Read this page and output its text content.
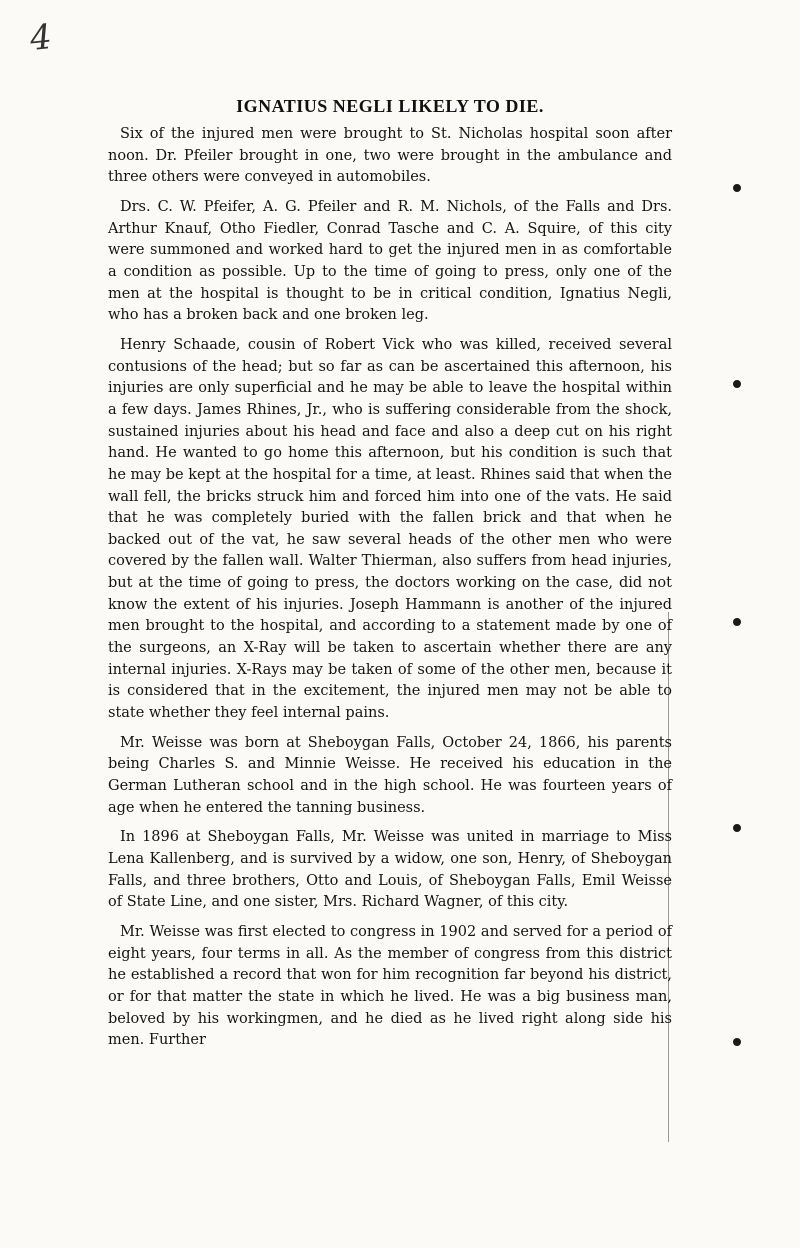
4
IGNATIUS NEGLI LIKELY TO DIE.

Six of the injured men were brought to St. Nicholas hospital soon after noon. Dr. Pfeiler brought in one, two were brought in the ambulance and three others were conveyed in automobiles.

Drs. C. W. Pfeifer, A. G. Pfeiler and R. M. Nichols, of the Falls and Drs. Arthur Knauf, Otho Fiedler, Conrad Tasche and C. A. Squire, of this city were summoned and worked hard to get the injured men in as comfortable a condition as possible. Up to the time of going to press, only one of the men at the hospital is thought to be in critical condition, Ignatius Negli, who has a broken back and one broken leg.

Henry Schaade, cousin of Robert Vick who was killed, received several contusions of the head; but so far as can be ascertained this afternoon, his injuries are only superficial and he may be able to leave the hospital within a few days. James Rhines, Jr., who is suffering considerable from the shock, sustained injuries about his head and face and also a deep cut on his right hand. He wanted to go home this afternoon, but his condition is such that he may be kept at the hospital for a time, at least. Rhines said that when the wall fell, the bricks struck him and forced him into one of the vats. He said that he was completely buried with the fallen brick and that when he backed out of the vat, he saw several heads of the other men who were covered by the fallen wall. Walter Thierman, also suffers from head injuries, but at the time of going to press, the doctors working on the case, did not know the extent of his injuries. Joseph Hammann is another of the injured men brought to the hospital, and according to a statement made by one of the surgeons, an X-Ray will be taken to ascertain whether there are any internal injuries. X-Rays may be taken of some of the other men, because it is considered that in the excitement, the injured men may not be able to state whether they feel internal pains.

Mr. Weisse was born at Sheboygan Falls, October 24, 1866, his parents being Charles S. and Minnie Weisse. He received his education in the German Lutheran school and in the high school. He was fourteen years of age when he entered the tanning business.

In 1896 at Sheboygan Falls, Mr. Weisse was united in marriage to Miss Lena Kallenberg, and is survived by a widow, one son, Henry, of Sheboygan Falls, and three brothers, Otto and Louis, of Sheboygan Falls, Emil Weisse of State Line, and one sister, Mrs. Richard Wagner, of this city.

Mr. Weisse was first elected to congress in 1902 and served for a period of eight years, four terms in all. As the member of congress from this district he established a record that won for him recognition far beyond his district, or for that matter the state in which he lived. He was a big business man, beloved by his workingmen, and he died as he lived right along side his men. Further
